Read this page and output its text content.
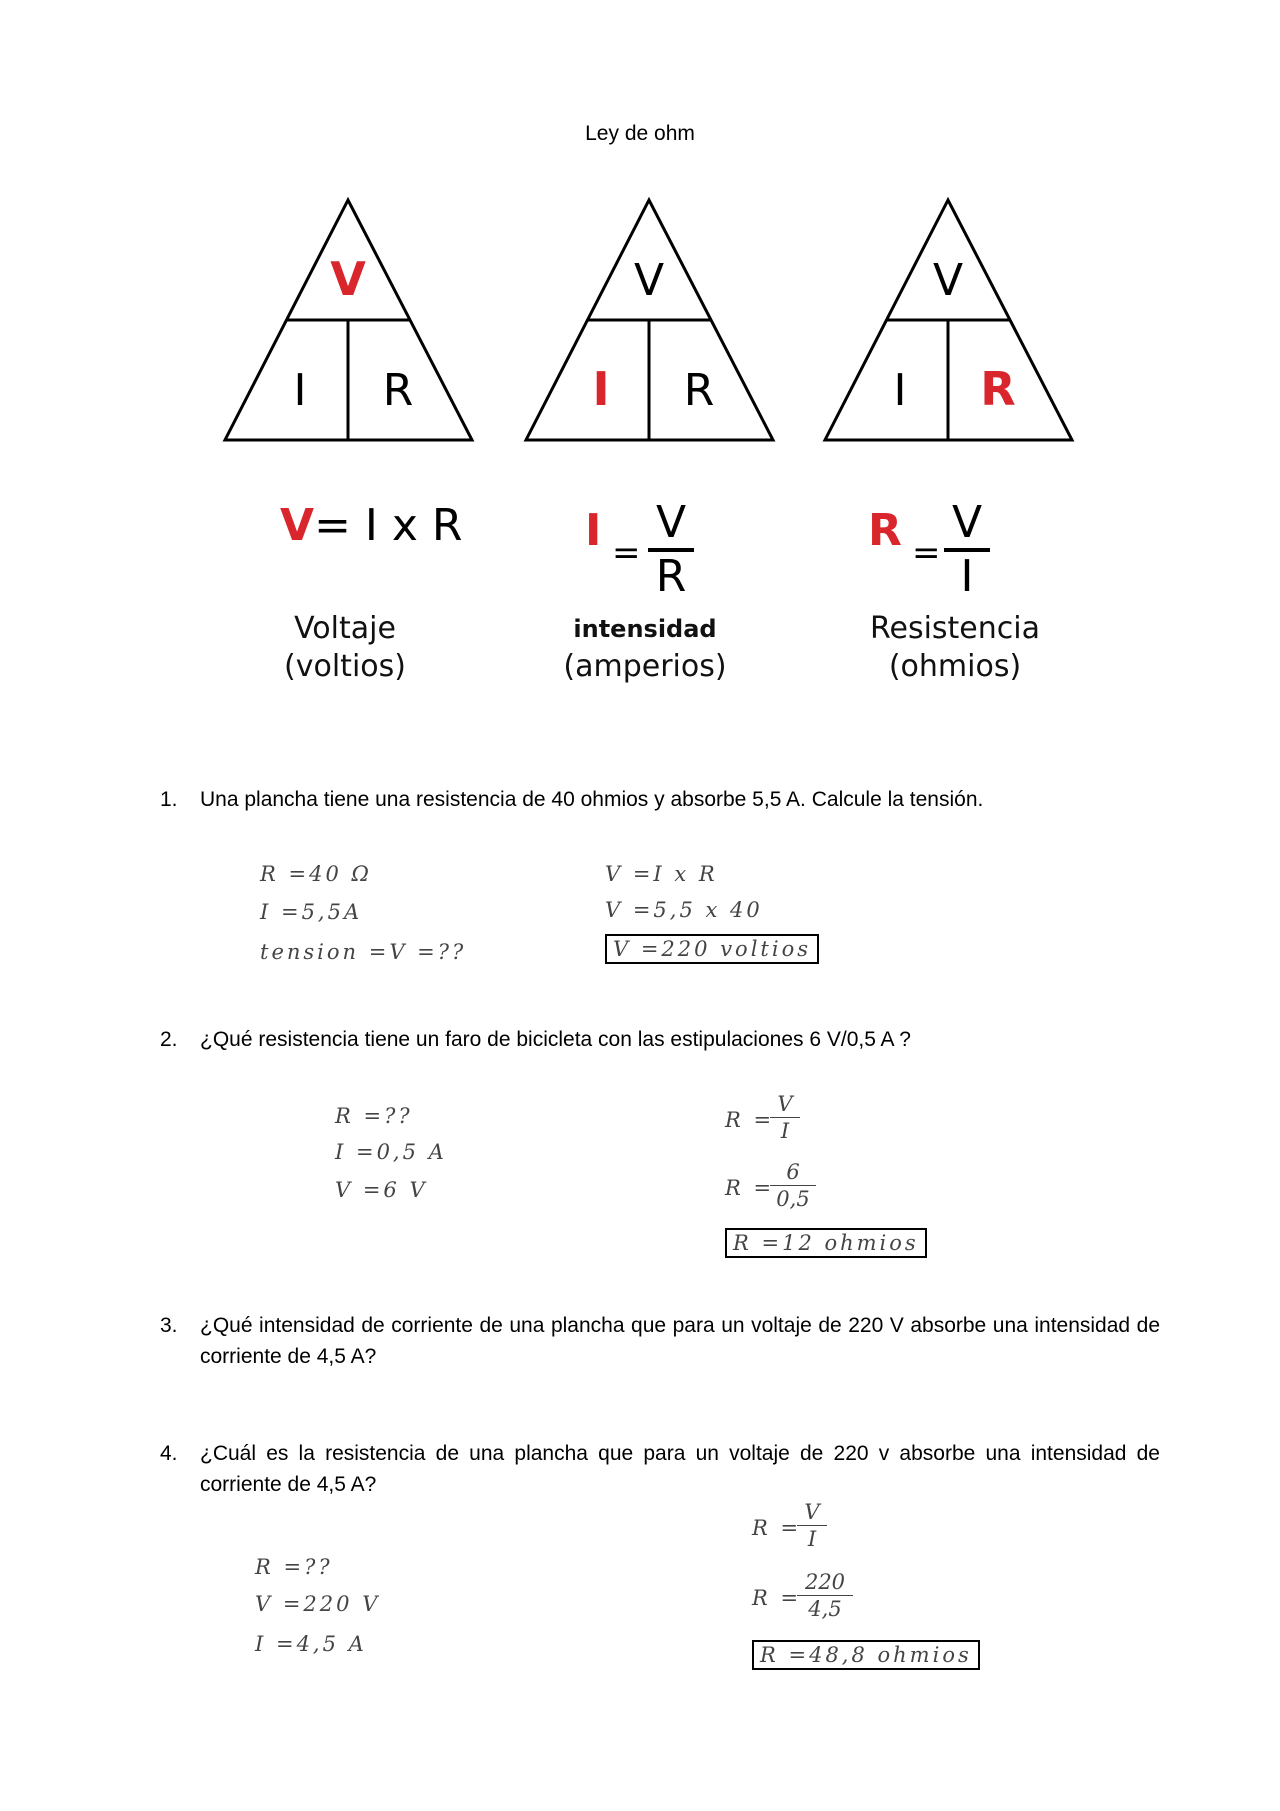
Ley de ohm
V
I R
V
I R
V
I R
V= I x R	I =
V
R
R =
V
I
Voltaje
(voltios)
intensidad
(amperios)
Resistencia
(ohmios)
1.	Una plancha tiene una resistencia de 40 ohmios y absorbe 5,5 A. Calcule la tensión.
R =40 Ω
I =5,5A
tension =V =??
V =I x R
V =5,5 x 40
V =220 voltios
2.	¿Qué resistencia tiene un faro de bicicleta con las estipulaciones 6 V/0,5 A ?
R =??
I =0,5 A
V =6 V
R =
V
I
R =
6
0,5
R =12 ohmios
3.	¿Qué intensidad de corriente de una plancha que para un voltaje de 220 V absorbe una intensidad de corriente de 4,5 A?
4.	¿Cuál es la resistencia de una plancha que para un voltaje de 220 v absorbe una intensidad de corriente de 4,5 A?
R =??
V =220 V
I =4,5 A
R =
V
I
R =
220
4,5
R =48,8 ohmios
